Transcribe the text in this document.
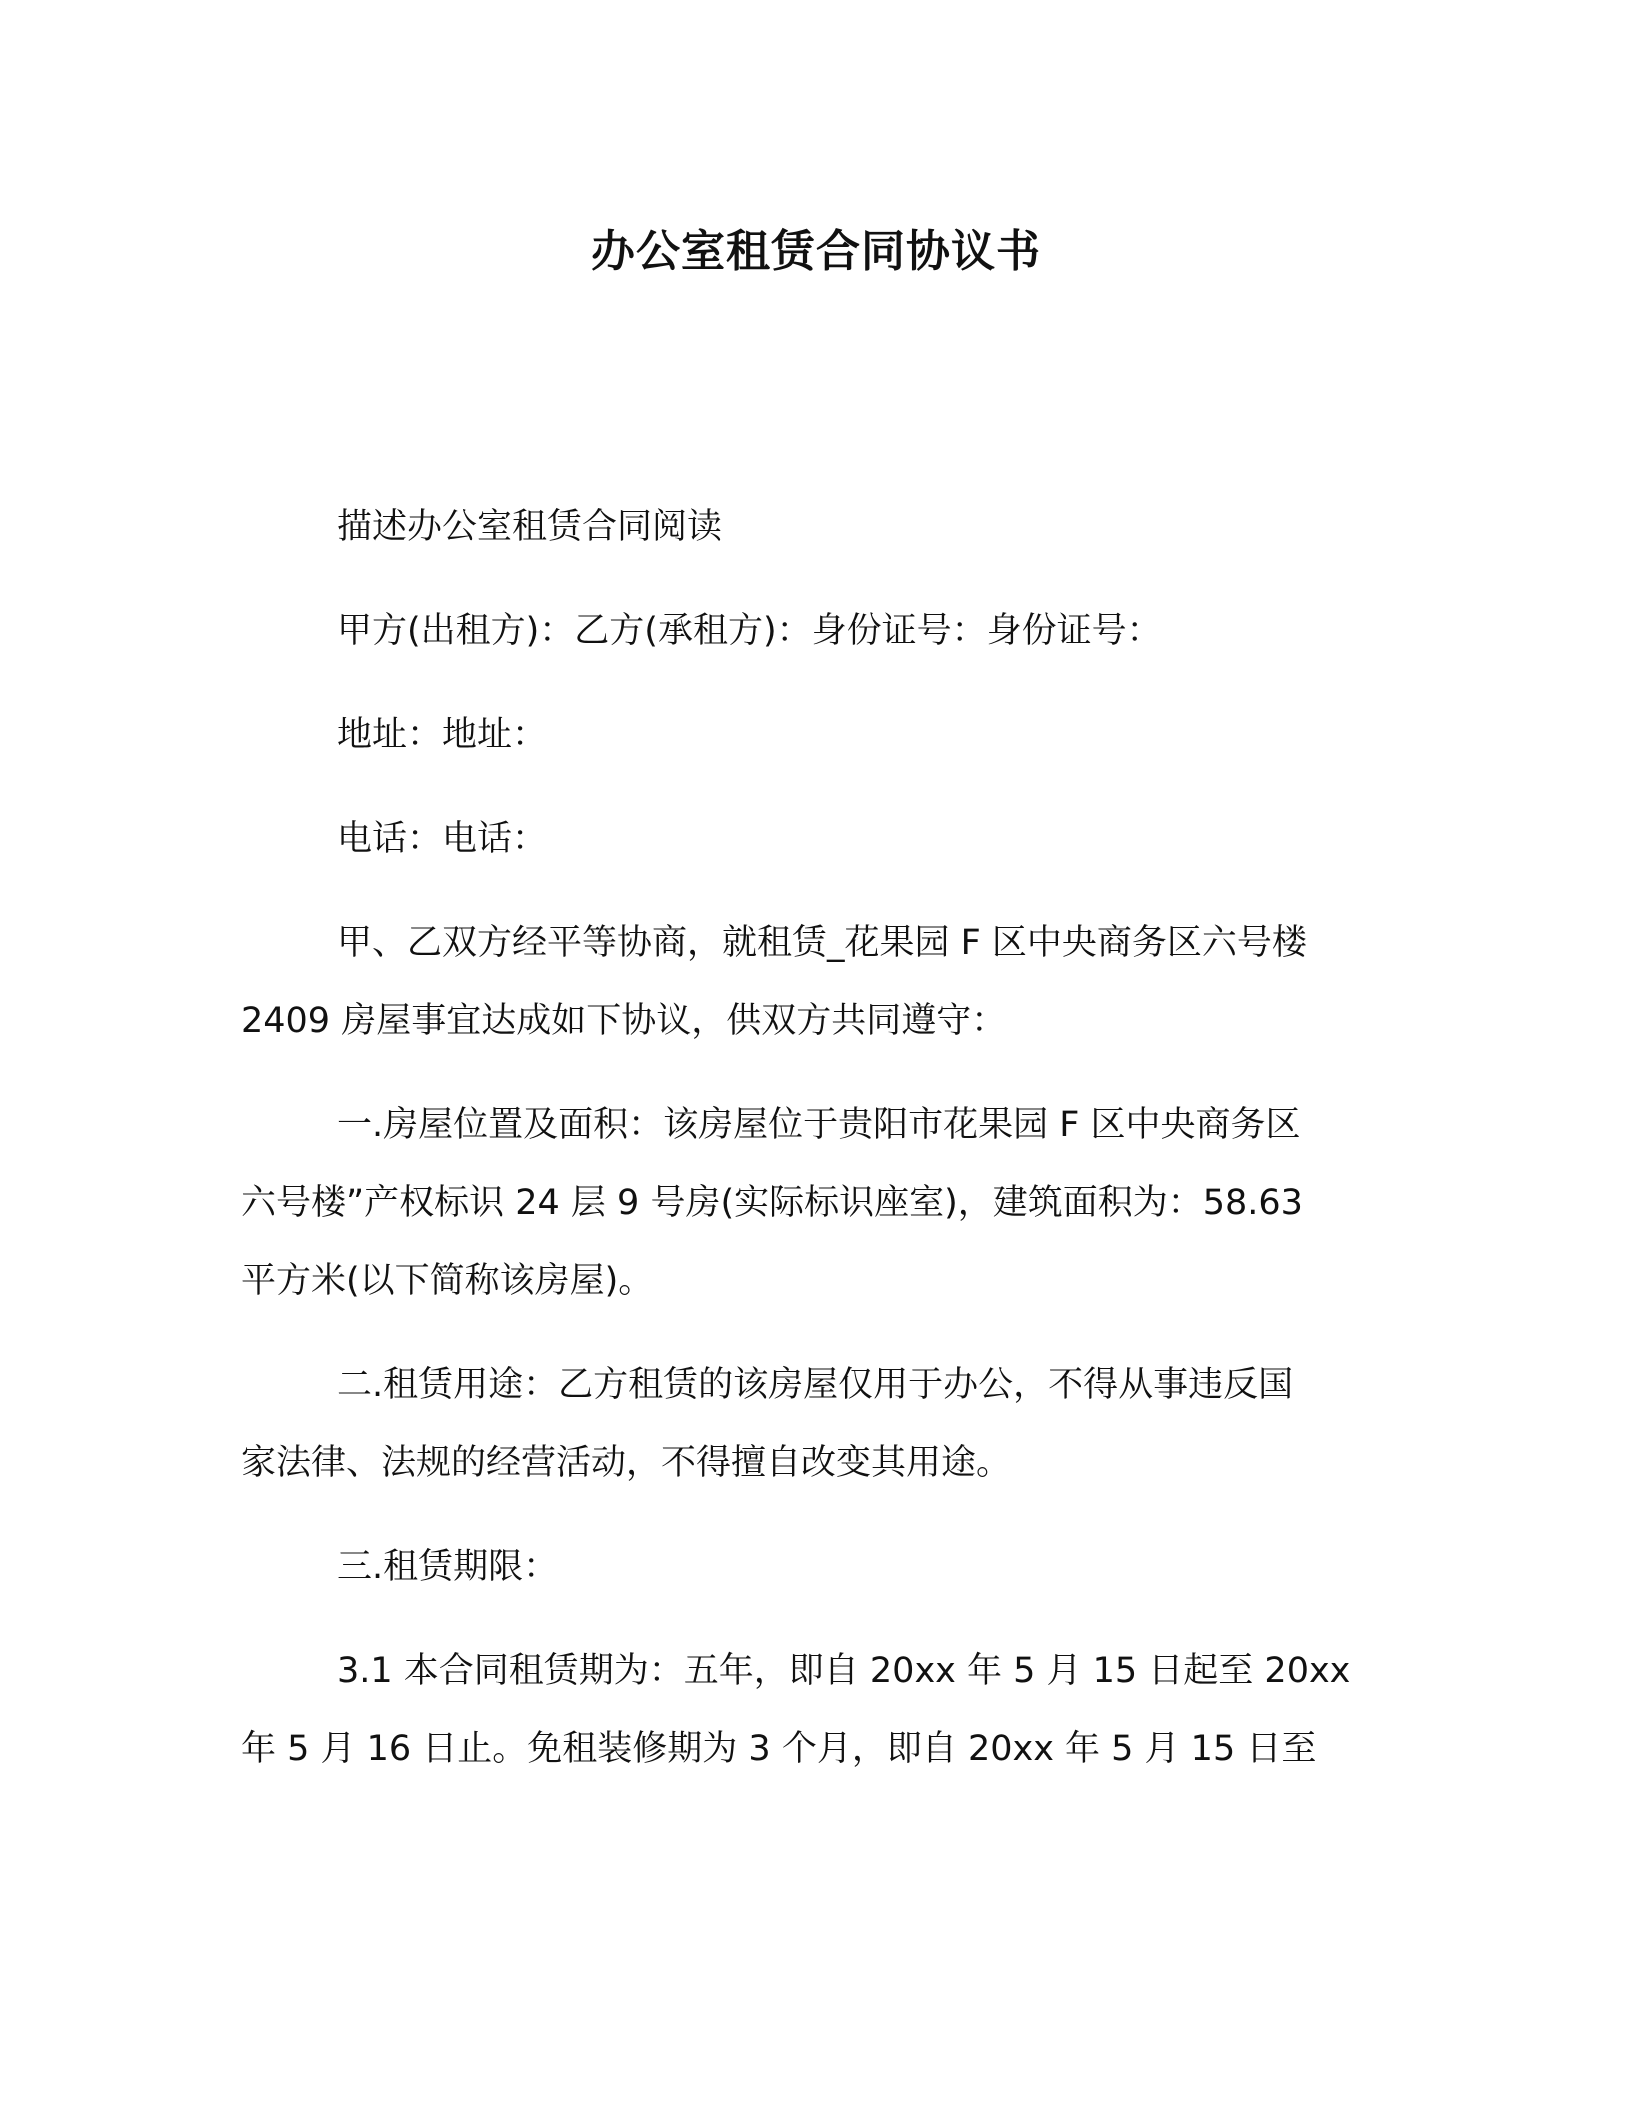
办公室租赁合同协议书
描述办公室租赁合同阅读
甲方(出租方)：乙方(承租方)：身份证号：身份证号：
地址：地址：
电话：电话：
甲、乙双方经平等协商，就租赁_花果园 F 区中央商务区六号楼
2409 房屋事宜达成如下协议，供双方共同遵守：
一.房屋位置及面积：该房屋位于贵阳市花果园 F 区中央商务区
六号楼”产权标识 24 层 9 号房(实际标识座室)，建筑面积为：58.63
平方米(以下简称该房屋)。
二.租赁用途：乙方租赁的该房屋仅用于办公，不得从事违反国
家法律、法规的经营活动，不得擅自改变其用途。
三.租赁期限：
3.1 本合同租赁期为：五年，即自 20xx 年 5 月 15 日起至 20xx
年 5 月 16 日止。免租装修期为 3 个月，即自 20xx 年 5 月 15 日至
